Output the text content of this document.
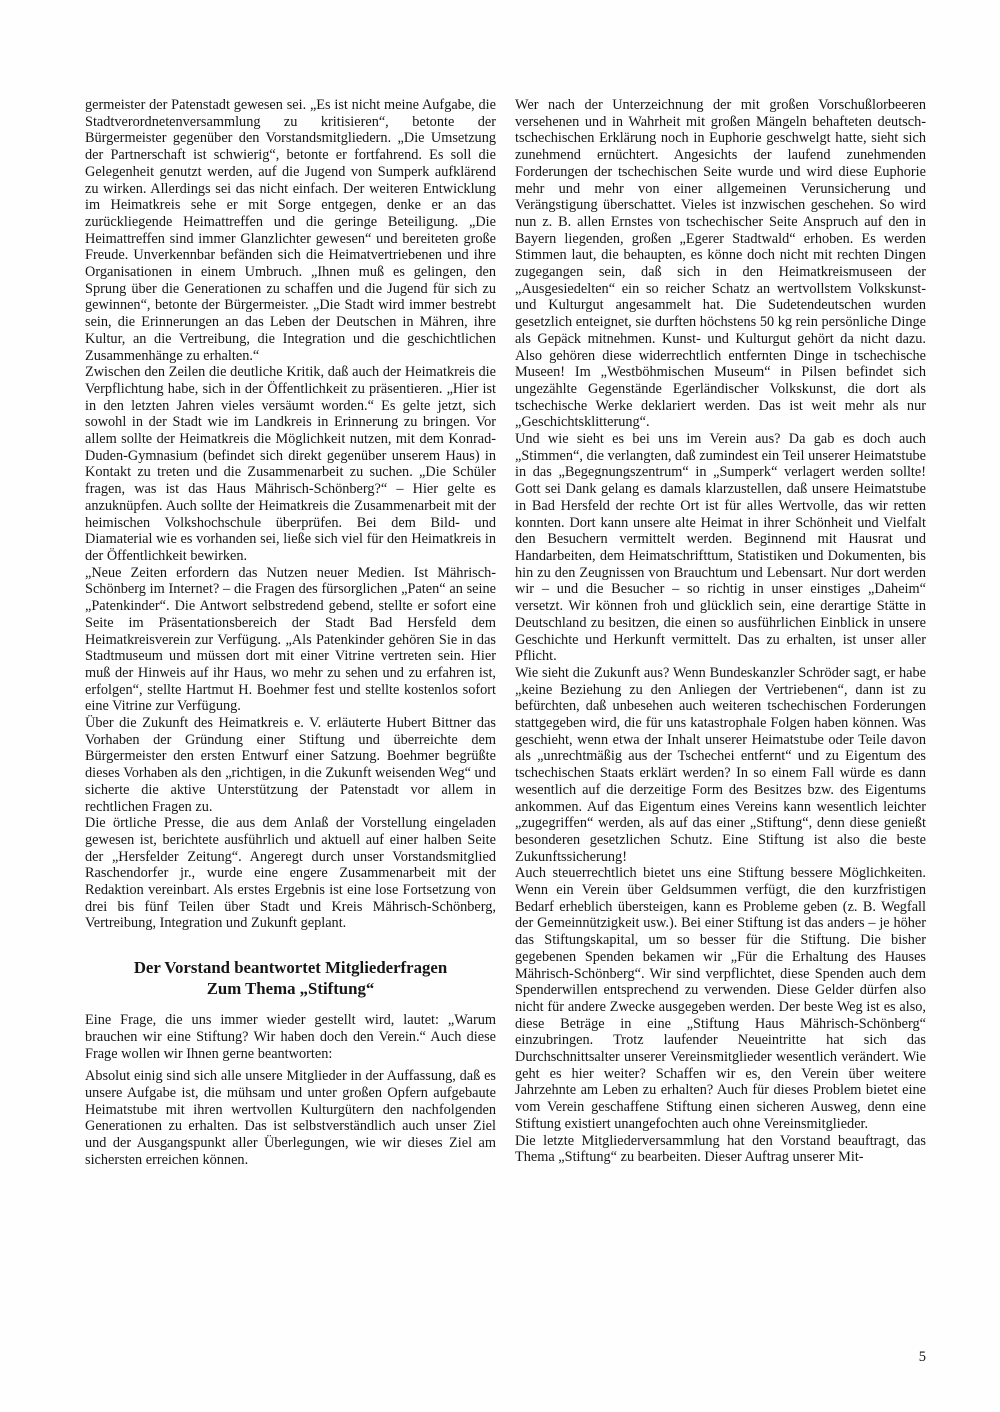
germeister der Patenstadt gewesen sei. „Es ist nicht meine Aufgabe, die Stadtverordnetenversammlung zu kritisieren“, betonte der Bürgermeister gegenüber den Vorstandsmitgliedern. „Die Umsetzung der Partnerschaft ist schwierig“, betonte er fortfahrend. Es soll die Gelegenheit genutzt werden, auf die Jugend von Sumperk aufklärend zu wirken. Allerdings sei das nicht einfach. Der weiteren Entwicklung im Heimatkreis sehe er mit Sorge entgegen, denke er an das zurückliegende Heimattreffen und die geringe Beteiligung. „Die Heimattreffen sind immer Glanzlichter gewesen“ und bereiteten große Freude. Unverkennbar befänden sich die Heimatvertriebenen und ihre Organisationen in einem Umbruch. „Ihnen muß es gelingen, den Sprung über die Generationen zu schaffen und die Jugend für sich zu gewinnen“, betonte der Bürgermeister. „Die Stadt wird immer bestrebt sein, die Erinnerungen an das Leben der Deutschen in Mähren, ihre Kultur, an die Vertreibung, die Integration und die geschichtlichen Zusammenhänge zu erhalten.“

Zwischen den Zeilen die deutliche Kritik, daß auch der Heimatkreis die Verpflichtung habe, sich in der Öffentlichkeit zu präsentieren. „Hier ist in den letzten Jahren vieles versäumt worden.“ Es gelte jetzt, sich sowohl in der Stadt wie im Landkreis in Erinnerung zu bringen. Vor allem sollte der Heimatkreis die Möglichkeit nutzen, mit dem Konrad-Duden-Gymnasium (befindet sich direkt gegenüber unserem Haus) in Kontakt zu treten und die Zusammenarbeit zu suchen. „Die Schüler fragen, was ist das Haus Mährisch-Schönberg?“ – Hier gelte es anzuknüpfen. Auch sollte der Heimatkreis die Zusammenarbeit mit der heimischen Volkshochschule überprüfen. Bei dem Bild- und Diamaterial wie es vorhanden sei, ließe sich viel für den Heimatkreis in der Öffentlichkeit bewirken.

„Neue Zeiten erfordern das Nutzen neuer Medien. Ist Mährisch-Schönberg im Internet? – die Fragen des fürsorglichen „Paten“ an seine „Patenkinder“. Die Antwort selbstredend gebend, stellte er sofort eine Seite im Präsentationsbereich der Stadt Bad Hersfeld dem Heimatkreisverein zur Verfügung. „Als Patenkinder gehören Sie in das Stadtmuseum und müssen dort mit einer Vitrine vertreten sein. Hier muß der Hinweis auf ihr Haus, wo mehr zu sehen und zu erfahren ist, erfolgen“, stellte Hartmut H. Boehmer fest und stellte kostenlos sofort eine Vitrine zur Verfügung.

Über die Zukunft des Heimatkreis e. V. erläuterte Hubert Bittner das Vorhaben der Gründung einer Stiftung und überreichte dem Bürgermeister den ersten Entwurf einer Satzung. Boehmer begrüßte dieses Vorhaben als den „richtigen, in die Zukunft weisenden Weg“ und sicherte die aktive Unterstützung der Patenstadt vor allem in rechtlichen Fragen zu.

Die örtliche Presse, die aus dem Anlaß der Vorstellung eingeladen gewesen ist, berichtete ausführlich und aktuell auf einer halben Seite der „Hersfelder Zeitung“. Angeregt durch unser Vorstandsmitglied Raschendorfer jr., wurde eine engere Zusammenarbeit mit der Redaktion vereinbart. Als erstes Ergebnis ist eine lose Fortsetzung von drei bis fünf Teilen über Stadt und Kreis Mährisch-Schönberg, Vertreibung, Integration und Zukunft geplant.

Der Vorstand beantwortet Mitgliederfragen
Zum Thema „Stiftung“

Eine Frage, die uns immer wieder gestellt wird, lautet: „Warum brauchen wir eine Stiftung? Wir haben doch den Verein.“ Auch diese Frage wollen wir Ihnen gerne beantworten:

Absolut einig sind sich alle unsere Mitglieder in der Auffassung, daß es unsere Aufgabe ist, die mühsam und unter großen Opfern aufgebaute Heimatstube mit ihren wertvollen Kulturgütern den nachfolgenden Generationen zu erhalten. Das ist selbstverständlich auch unser Ziel und der Ausgangspunkt aller Überlegungen, wie wir dieses Ziel am sichersten erreichen können.

Wer nach der Unterzeichnung der mit großen Vorschußlorbeeren versehenen und in Wahrheit mit großen Mängeln behafteten deutsch-tschechischen Erklärung noch in Euphorie geschwelgt hatte, sieht sich zunehmend ernüchtert. Angesichts der laufend zunehmenden Forderungen der tschechischen Seite wurde und wird diese Euphorie mehr und mehr von einer allgemeinen Verunsicherung und Verängstigung überschattet. Vieles ist inzwischen geschehen. So wird nun z. B. allen Ernstes von tschechischer Seite Anspruch auf den in Bayern liegenden, großen „Egerer Stadtwald“ erhoben. Es werden Stimmen laut, die behaupten, es könne doch nicht mit rechten Dingen zugegangen sein, daß sich in den Heimatkreismuseen der „Ausgesiedelten“ ein so reicher Schatz an wertvollstem Volkskunst- und Kulturgut angesammelt hat. Die Sudetendeutschen wurden gesetzlich enteignet, sie durften höchstens 50 kg rein persönliche Dinge als Gepäck mitnehmen. Kunst- und Kulturgut gehört da nicht dazu. Also gehören diese widerrechtlich entfernten Dinge in tschechische Museen! Im „Westböhmischen Museum“ in Pilsen befindet sich ungezählte Gegenstände Egerländischer Volkskunst, die dort als tschechische Werke deklariert werden. Das ist weit mehr als nur „Geschichtsklitterung“.

Und wie sieht es bei uns im Verein aus? Da gab es doch auch „Stimmen“, die verlangten, daß zumindest ein Teil unserer Heimatstube in das „Begegnungszentrum“ in „Sumperk“ verlagert werden sollte! Gott sei Dank gelang es damals klarzustellen, daß unsere Heimatstube in Bad Hersfeld der rechte Ort ist für alles Wertvolle, das wir retten konnten. Dort kann unsere alte Heimat in ihrer Schönheit und Vielfalt den Besuchern vermittelt werden. Beginnend mit Hausrat und Handarbeiten, dem Heimatschrifttum, Statistiken und Dokumenten, bis hin zu den Zeugnissen von Brauchtum und Lebensart. Nur dort werden wir – und die Besucher – so richtig in unser einstiges „Daheim“ versetzt. Wir können froh und glücklich sein, eine derartige Stätte in Deutschland zu besitzen, die einen so ausführlichen Einblick in unsere Geschichte und Herkunft vermittelt. Das zu erhalten, ist unser aller Pflicht.

Wie sieht die Zukunft aus? Wenn Bundeskanzler Schröder sagt, er habe „keine Beziehung zu den Anliegen der Vertriebenen“, dann ist zu befürchten, daß unbesehen auch weiteren tschechischen Forderungen stattgegeben wird, die für uns katastrophale Folgen haben können. Was geschieht, wenn etwa der Inhalt unserer Heimatstube oder Teile davon als „unrechtmäßig aus der Tschechei entfernt“ und zu Eigentum des tschechischen Staats erklärt werden? In so einem Fall würde es dann wesentlich auf die derzeitige Form des Besitzes bzw. des Eigentums ankommen. Auf das Eigentum eines Vereins kann wesentlich leichter „zugegriffen“ werden, als auf das einer „Stiftung“, denn diese genießt besonderen gesetzlichen Schutz. Eine Stiftung ist also die beste Zukunftssicherung!

Auch steuerrechtlich bietet uns eine Stiftung bessere Möglichkeiten. Wenn ein Verein über Geldsummen verfügt, die den kurzfristigen Bedarf erheblich übersteigen, kann es Probleme geben (z. B. Wegfall der Gemeinnützigkeit usw.). Bei einer Stiftung ist das anders – je höher das Stiftungskapital, um so besser für die Stiftung. Die bisher gegebenen Spenden bekamen wir „Für die Erhaltung des Hauses Mährisch-Schönberg“. Wir sind verpflichtet, diese Spenden auch dem Spenderwillen entsprechend zu verwenden. Diese Gelder dürfen also nicht für andere Zwecke ausgegeben werden. Der beste Weg ist es also, diese Beträge in eine „Stiftung Haus Mährisch-Schönberg“ einzubringen. Trotz laufender Neueintritte hat sich das Durchschnittsalter unserer Vereinsmitglieder wesentlich verändert. Wie geht es hier weiter? Schaffen wir es, den Verein über weitere Jahrzehnte am Leben zu erhalten? Auch für dieses Problem bietet eine vom Verein geschaffene Stiftung einen sicheren Ausweg, denn eine Stiftung existiert unangefochten auch ohne Vereinsmitglieder.

Die letzte Mitgliederversammlung hat den Vorstand beauftragt, das Thema „Stiftung“ zu bearbeiten. Dieser Auftrag unserer Mit-

5
